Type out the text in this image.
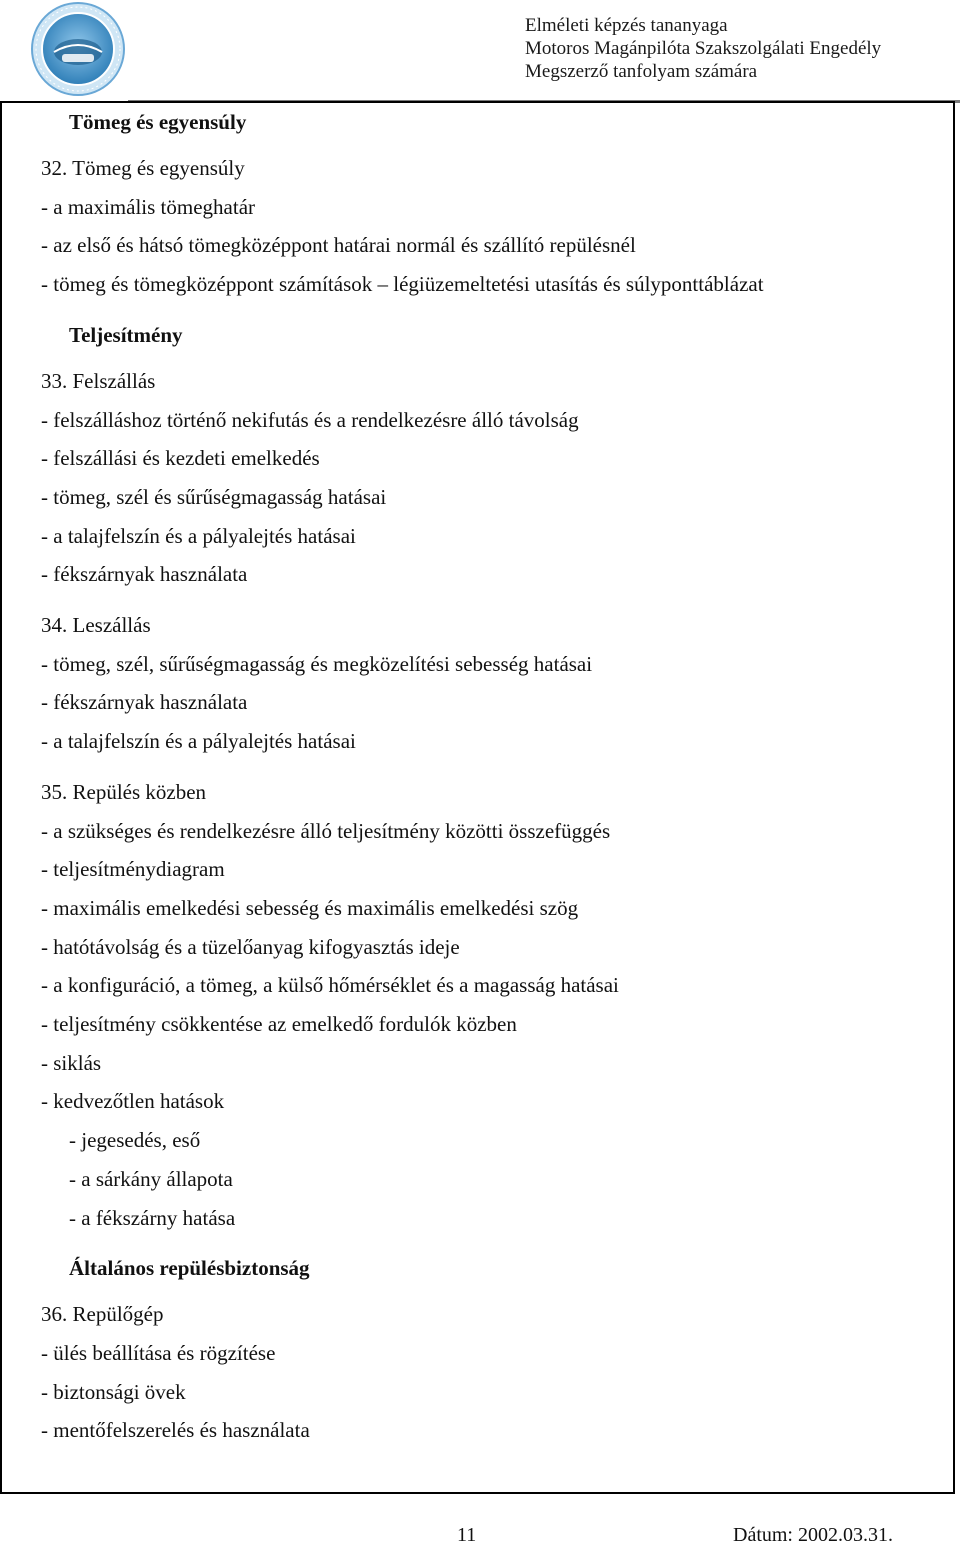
Elméleti képzés tananyaga
Motoros Magánpilóta Szakszolgálati Engedély
Megszerző tanfolyam számára
Tömeg és egyensúly
32. Tömeg és egyensúly
- a maximális tömeghatár
- az első és hátsó tömegközéppont határai normál és szállító repülésnél
- tömeg és tömegközéppont számítások – légiüzemeltetési utasítás és súlyponttáblázat
Teljesítmény
33. Felszállás
- felszálláshoz történő nekifutás és a rendelkezésre álló távolság
- felszállási és kezdeti emelkedés
- tömeg, szél és sűrűségmagasság hatásai
- a talajfelszín és a pályalejtés hatásai
- fékszárnyak használata
34. Leszállás
- tömeg, szél, sűrűségmagasság és megközelítési sebesség hatásai
- fékszárnyak használata
- a talajfelszín és a pályalejtés hatásai
35. Repülés közben
- a szükséges és rendelkezésre álló teljesítmény közötti összefüggés
- teljesítménydiagram
- maximális emelkedési sebesség és maximális emelkedési szög
- hatótávolság és a tüzelőanyag kifogyasztás ideje
- a konfiguráció, a tömeg, a külső hőmérséklet és a magasság hatásai
- teljesítmény csökkentése az emelkedő fordulók közben
- siklás
- kedvezőtlen hatások
- jegesedés, eső
- a sárkány állapota
- a fékszárny hatása
Általános repülésbiztonság
36. Repülőgép
- ülés beállítása és rögzítése
- biztonsági övek
- mentőfelszerelés és használata
11	Dátum: 2002.03.31.
